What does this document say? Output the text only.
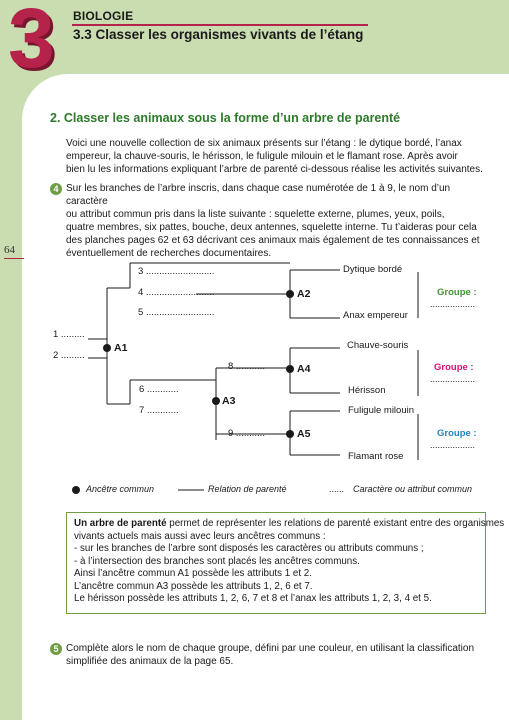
3 BIOLOGIE
3.3 Classer les organismes vivants de l’étang
64
2. Classer les animaux sous la forme d’un arbre de parenté
Voici une nouvelle collection de six animaux présents sur l’étang : le dytique bordé, l’anax
empereur, la chauve-souris, le hérisson, le fuligule milouin et le flamant rose. Après avoir
bien lu les informations expliquant l’arbre de parenté ci-dessous réalise les activités suivantes.
4 Sur les branches de l’arbre inscris, dans chaque case numérotée de 1 à 9, le nom d’un caractère
ou attribut commun pris dans la liste suivante : squelette externe, plumes, yeux, poils,
quatre membres, six pattes, bouche, deux antennes, squelette interne. Tu t’aideras pour cela
des planches pages 62 et 63 décrivant ces animaux mais également de tes connaissances et
éventuellement de recherches documentaires.
1 .........
2 .........
3 ..........................
4 ..........................
5 ..........................
6 ............
7 ............
8 ...........
9 ...........
A1
A2
A3
A4
A5
Dytique bordé
Anax empereur
Chauve-souris
Hérisson
Fuligule milouin
Flamant rose
Groupe :
..................
Groupe :
..................
Groupe :
..................
Ancêtre commun	Relation de parenté	...... Caractère ou attribut commun
Un arbre de parenté permet de représenter les relations de parenté existant entre des organismes
vivants actuels mais aussi avec leurs ancêtres communs :
- sur les branches de l’arbre sont disposés les caractères ou attributs communs ;
- à l’intersection des branches sont placés les ancêtres communs.
Ainsi l’ancêtre commun A1 possède les attributs 1 et 2.
L’ancêtre commun A3 possède les attributs 1, 2, 6 et 7.
Le hérisson possède les attributs 1, 2, 6, 7 et 8 et l’anax les attributs 1, 2, 3, 4 et 5.
5 Complète alors le nom de chaque groupe, défini par une couleur, en utilisant la classification
simplifiée des animaux de la page 65.
